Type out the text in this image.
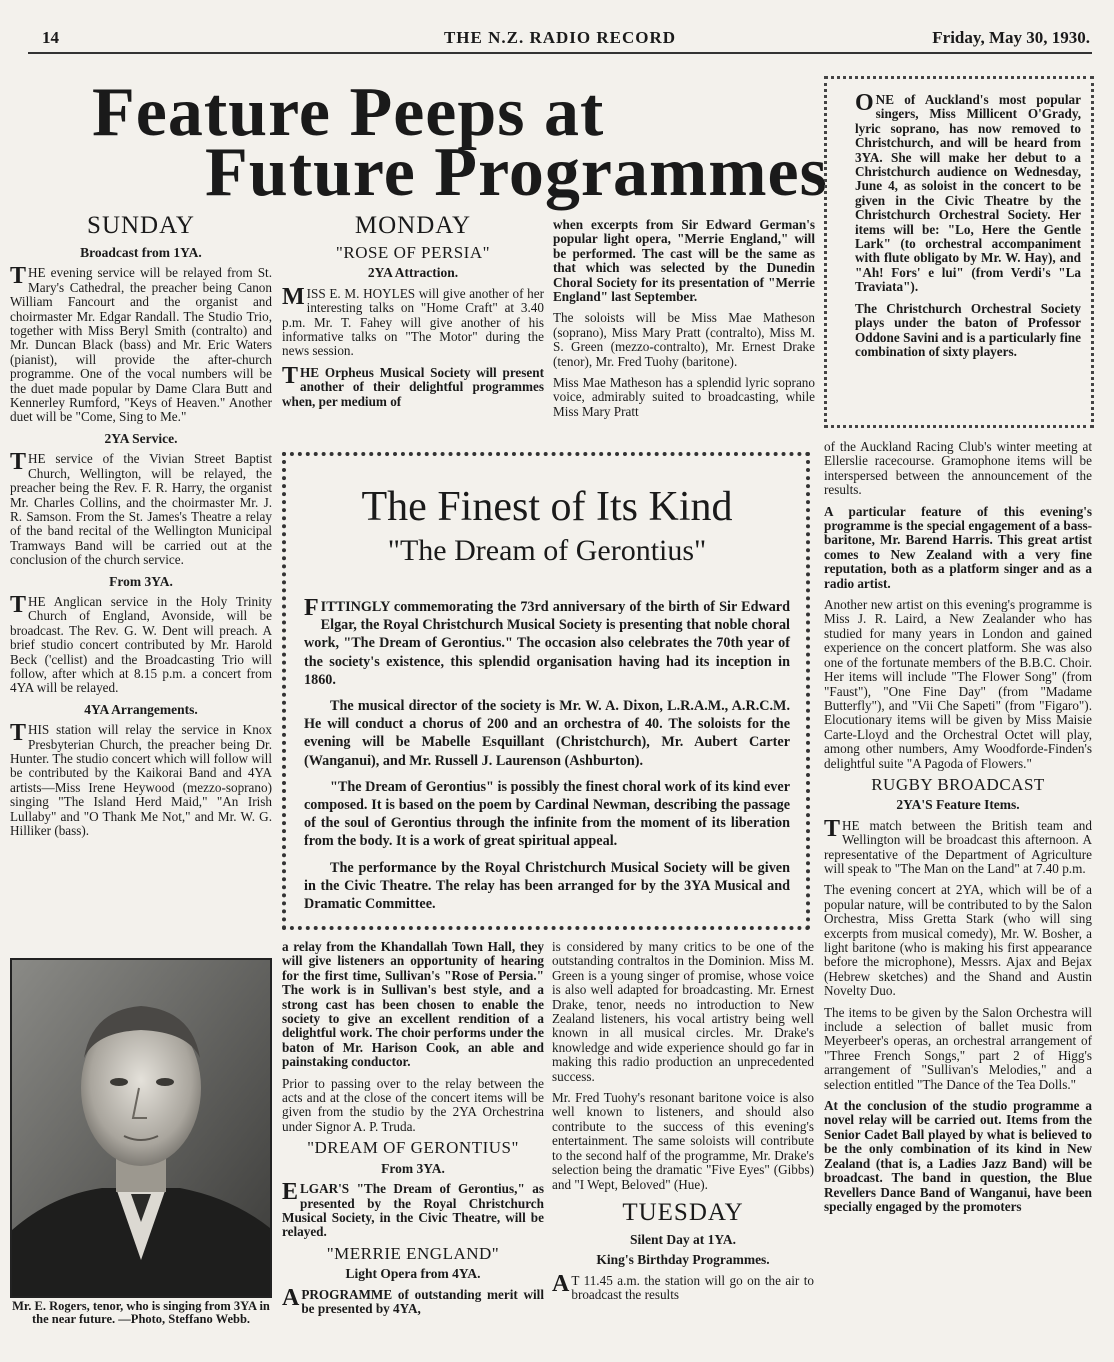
14	THE N.Z. RADIO RECORD	Friday, May 30, 1930.
Feature Peeps at
Future Programmes
SUNDAY
Broadcast from 1YA.

THE evening service will be relayed from St. Mary's Cathedral, the preacher being Canon William Fancourt and the organist and choirmaster Mr. Edgar Randall. The Studio Trio, together with Miss Beryl Smith (contralto) and Mr. Duncan Black (bass) and Mr. Eric Waters (pianist), will provide the after-church programme. One of the vocal numbers will be the duet made popular by Dame Clara Butt and Kennerley Rumford, "Keys of Heaven." Another duet will be "Come, Sing to Me."

2YA Service.

THE service of the Vivian Street Baptist Church, Wellington, will be relayed, the preacher being the Rev. F. R. Harry, the organist Mr. Charles Collins, and the choirmaster Mr. J. R. Samson. From the St. James's Theatre a relay of the band recital of the Wellington Municipal Tramways Band will be carried out at the conclusion of the church service.

From 3YA.

THE Anglican service in the Holy Trinity Church of England, Avonside, will be broadcast. The Rev. G. W. Dent will preach. A brief studio concert contributed by Mr. Harold Beck ('cellist) and the Broadcasting Trio will follow, after which at 8.15 p.m. a concert from 4YA will be relayed.

4YA Arrangements.

THIS station will relay the service in Knox Presbyterian Church, the preacher being Dr. Hunter. The studio concert which will follow will be contributed by the Kaikorai Band and 4YA artists—Miss Irene Heywood (mezzo-soprano) singing "The Island Herd Maid," "An Irish Lullaby" and "O Thank Me Not," and Mr. W. G. Hilliker (bass).

MONDAY
"ROSE OF PERSIA"
2YA Attraction.

MISS E. M. HOYLES will give another of her interesting talks on "Home Craft" at 3.40 p.m. Mr. T. Fahey will give another of his informative talks on "The Motor" during the news session.

THE Orpheus Musical Society will present another of their delightful programmes when, per medium of

when excerpts from Sir Edward German's popular light opera, "Merrie England," will be performed. The cast will be the same as that which was selected by the Dunedin Choral Society for its presentation of "Merrie England" last September.

The soloists will be Miss Mae Matheson (soprano), Miss Mary Pratt (contralto), Miss M. S. Green (mezzo-contralto), Mr. Ernest Drake (tenor), Mr. Fred Tuohy (baritone).

Miss Mae Matheson has a splendid lyric soprano voice, admirably suited to broadcasting, while Miss Mary Pratt

ONE of Auckland's most popular singers, Miss Millicent O'Grady, lyric soprano, has now removed to Christchurch, and will be heard from 3YA. She will make her debut to a Christchurch audience on Wednesday, June 4, as soloist in the concert to be given in the Civic Theatre by the Christchurch Orchestral Society. Her items will be: "Lo, Here the Gentle Lark" (to orchestral accompaniment with flute obligato by Mr. W. Hay), and "Ah! Fors' e lui" (from Verdi's "La Traviata").

The Christchurch Orchestral Society plays under the baton of Professor Oddone Savini and is a particularly fine combination of sixty players.

of the Auckland Racing Club's winter meeting at Ellerslie racecourse. Gramophone items will be interspersed between the announcement of the results.

A particular feature of this evening's programme is the special engagement of a bass-baritone, Mr. Barend Harris. This great artist comes to New Zealand with a very fine reputation, both as a platform singer and as a radio artist.

Another new artist on this evening's programme is Miss J. R. Laird, a New Zealander who has studied for many years in London and gained experience on the concert platform. She was also one of the fortunate members of the B.B.C. Choir. Her items will include "The Flower Song" (from "Faust"), "One Fine Day" (from "Madame Butterfly"), and "Vii Che Sapeti" (from "Figaro"). Elocutionary items will be given by Miss Maisie Carte-Lloyd and the Orchestral Octet will play, among other numbers, Amy Woodforde-Finden's delightful suite "A Pagoda of Flowers."

RUGBY BROADCAST
2YA'S Feature Items.

THE match between the British team and Wellington will be broadcast this afternoon. A representative of the Department of Agriculture will speak to "The Man on the Land" at 7.40 p.m.

The evening concert at 2YA, which will be of a popular nature, will be contributed to by the Salon Orchestra, Miss Gretta Stark (who will sing excerpts from musical comedy), Mr. W. Bosher, a light baritone (who is making his first appearance before the microphone), Messrs. Ajax and Bejax (Hebrew sketches) and the Shand and Austin Novelty Duo.

The items to be given by the Salon Orchestra will include a selection of ballet music from Meyerbeer's operas, an orchestral arrangement of "Three French Songs," part 2 of Higg's arrangement of "Sullivan's Melodies," and a selection entitled "The Dance of the Tea Dolls."

At the conclusion of the studio programme a novel relay will be carried out. Items from the Senior Cadet Ball played by what is believed to be the only combination of its kind in New Zealand (that is, a Ladies Jazz Band) will be broadcast. The band in question, the Blue Revellers Dance Band of Wanganui, have been specially engaged by the promoters

The Finest of Its Kind
"The Dream of Gerontius"

FITTINGLY commemorating the 73rd anniversary of the birth of Sir Edward Elgar, the Royal Christchurch Musical Society is presenting that noble choral work, "The Dream of Gerontius." The occasion also celebrates the 70th year of the society's existence, this splendid organisation having had its inception in 1860.

The musical director of the society is Mr. W. A. Dixon, L.R.A.M., A.R.C.M. He will conduct a chorus of 200 and an orchestra of 40. The soloists for the evening will be Mabelle Esquillant (Christchurch), Mr. Aubert Carter (Wanganui), and Mr. Russell J. Laurenson (Ashburton).

"The Dream of Gerontius" is possibly the finest choral work of its kind ever composed. It is based on the poem by Cardinal Newman, describing the passage of the soul of Gerontius through the infinite from the moment of its liberation from the body. It is a work of great spiritual appeal.

The performance by the Royal Christchurch Musical Society will be given in the Civic Theatre. The relay has been arranged for by the 3YA Musical and Dramatic Committee.

a relay from the Khandallah Town Hall, they will give listeners an opportunity of hearing for the first time, Sullivan's "Rose of Persia." The work is in Sullivan's best style, and a strong cast has been chosen to enable the society to give an excellent rendition of a delightful work. The choir performs under the baton of Mr. Harison Cook, an able and painstaking conductor.

Prior to passing over to the relay between the acts and at the close of the concert items will be given from the studio by the 2YA Orchestrina under Signor A. P. Truda.

"DREAM OF GERONTIUS"
From 3YA.

ELGAR'S "The Dream of Gerontius," as presented by the Royal Christchurch Musical Society, in the Civic Theatre, will be relayed.

"MERRIE ENGLAND"
Light Opera from 4YA.

APROGRAMME of outstanding merit will be presented by 4YA,

is considered by many critics to be one of the outstanding contraltos in the Dominion. Miss M. Green is a young singer of promise, whose voice is also well adapted for broadcasting. Mr. Ernest Drake, tenor, needs no introduction to New Zealand listeners, his vocal artistry being well known in all musical circles. Mr. Drake's knowledge and wide experience should go far in making this radio production an unprecedented success.

Mr. Fred Tuohy's resonant baritone voice is also well known to listeners, and should also contribute to the success of this evening's entertainment. The same soloists will contribute to the second half of the programme, Mr. Drake's selection being the dramatic "Five Eyes" (Gibbs) and "I Wept, Beloved" (Hue).

TUESDAY
Silent Day at 1YA.
King's Birthday Programmes.

AT 11.45 a.m. the station will go on the air to broadcast the results

Mr. E. Rogers, tenor, who is singing from 3YA in the near future. —Photo, Steffano Webb.
